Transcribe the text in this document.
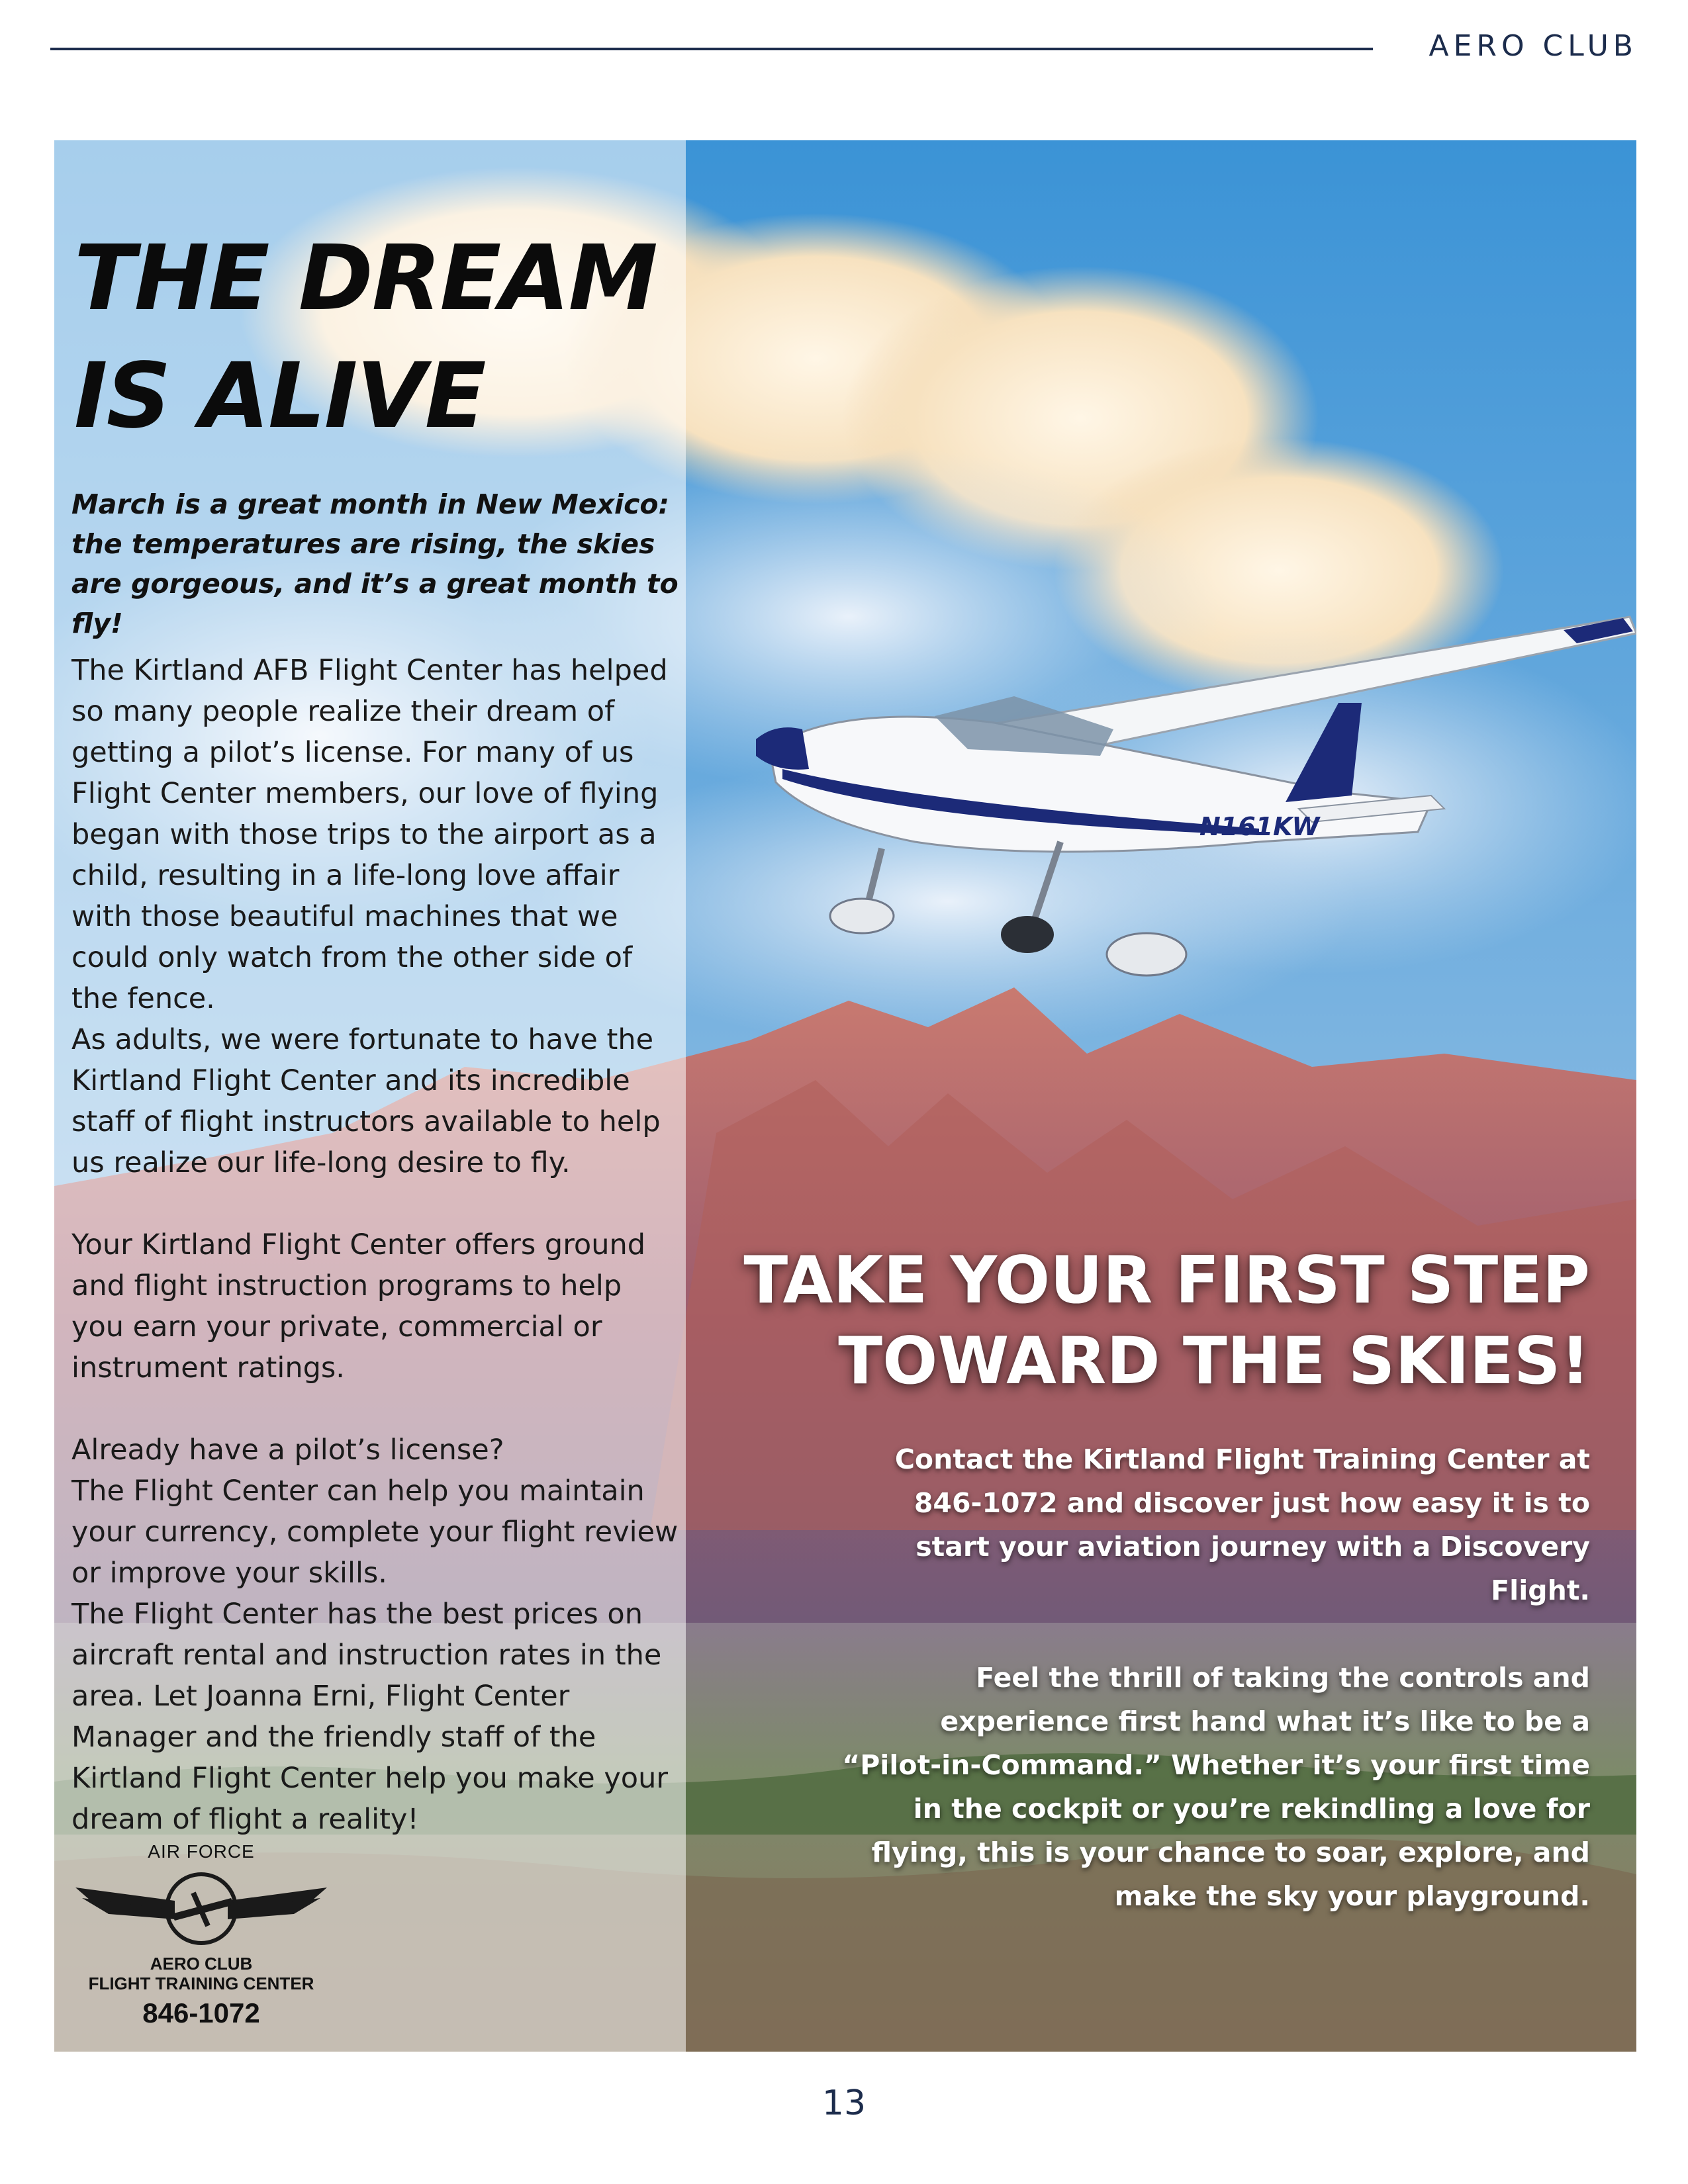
AERO CLUB
N161KW
THE DREAM
IS ALIVE

March is a great month in New Mexico: the temperatures are rising, the skies are gorgeous, and it’s a great month to fly!

The Kirtland AFB Flight Center has helped so many people realize their dream of getting a pilot’s license. For many of us Flight Center members, our love of flying began with those trips to the airport as a child, resulting in a life-long love affair with those beautiful machines that we could only watch from the other side of the fence.

As adults, we were fortunate to have the Kirtland Flight Center and its incredible staff of flight instructors available to help us realize our life-long desire to fly.

Your Kirtland Flight Center offers ground and flight instruction programs to help you earn your private, commercial or instrument ratings.

Already have a pilot’s license?

The Flight Center can help you maintain your currency, complete your flight review or improve your skills.

The Flight Center has the best prices on aircraft rental and instruction rates in the area. Let Joanna Erni, Flight Center Manager and the friendly staff of the Kirtland Flight Center help you make your dream of flight a reality!

AIR FORCE
AERO CLUB
FLIGHT TRAINING CENTER
846-1072
TAKE YOUR FIRST STEP
TOWARD THE SKIES!

Contact the Kirtland Flight Training Center at 846-1072 and discover just how easy it is to start your aviation journey with a Discovery Flight.

Feel the thrill of taking the controls and experience first hand what it’s like to be a “Pilot-in-Command.” Whether it’s your first time in the cockpit or you’re rekindling a love for flying, this is your chance to soar, explore, and make the sky your playground.

13
